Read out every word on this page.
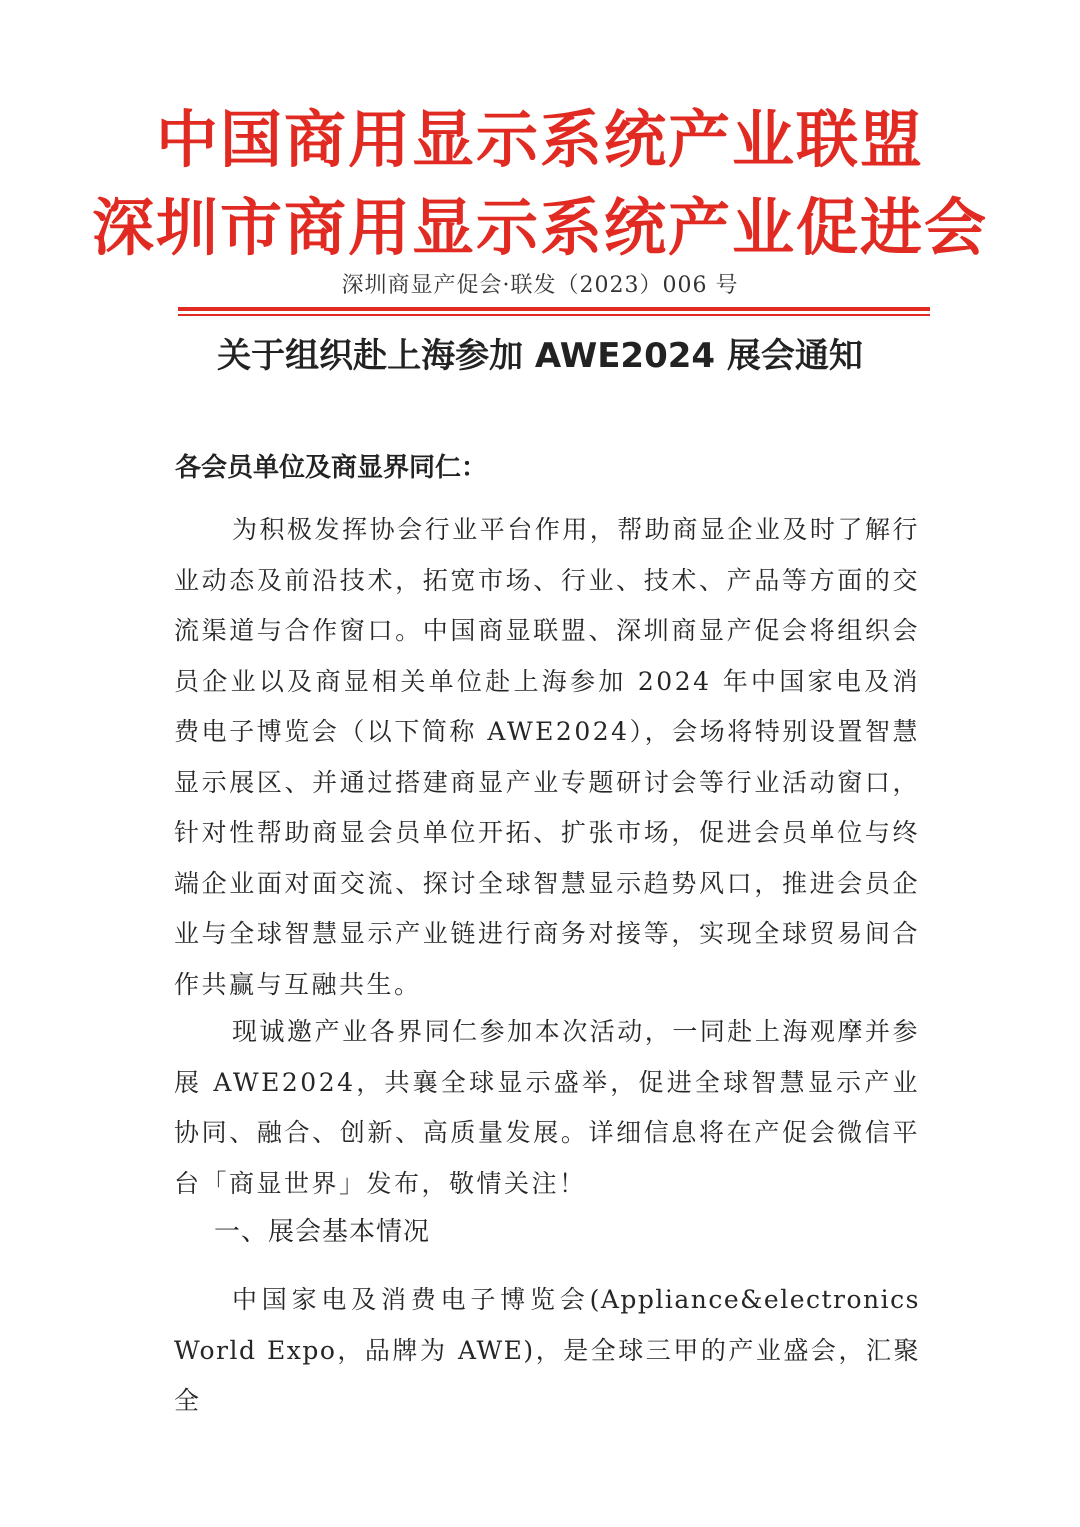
中国商用显示系统产业联盟
深圳市商用显示系统产业促进会
深圳商显产促会·联发（2023）006 号
关于组织赴上海参加 AWE2024 展会通知
各会员单位及商显界同仁：
为积极发挥协会行业平台作用，帮助商显企业及时了解行业动态及前沿技术，拓宽市场、行业、技术、产品等方面的交流渠道与合作窗口。中国商显联盟、深圳商显产促会将组织会员企业以及商显相关单位赴上海参加 2024 年中国家电及消费电子博览会（以下简称 AWE2024），会场将特别设置智慧显示展区、并通过搭建商显产业专题研讨会等行业活动窗口，针对性帮助商显会员单位开拓、扩张市场，促进会员单位与终端企业面对面交流、探讨全球智慧显示趋势风口，推进会员企业与全球智慧显示产业链进行商务对接等，实现全球贸易间合作共赢与互融共生。
现诚邀产业各界同仁参加本次活动，一同赴上海观摩并参展 AWE2024，共襄全球显示盛举，促进全球智慧显示产业协同、融合、创新、高质量发展。详细信息将在产促会微信平台「商显世界」发布，敬情关注！
一、展会基本情况
中国家电及消费电子博览会(Appliance&electronics World Expo，品牌为 AWE)，是全球三甲的产业盛会，汇聚全
